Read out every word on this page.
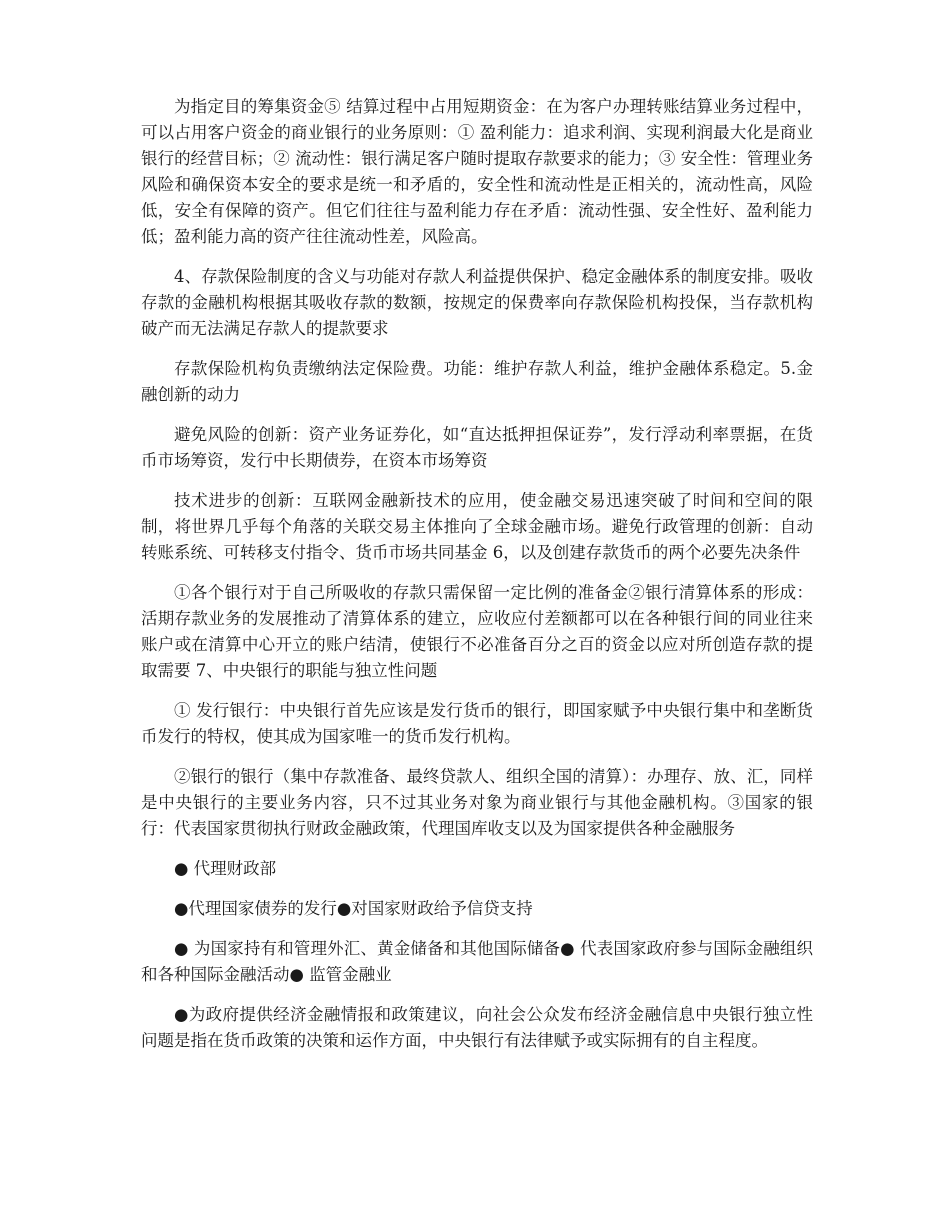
为指定目的筹集资金⑤ 结算过程中占用短期资金：在为客户办理转账结算业务过程中，可以占用客户资金的商业银行的业务原则：① 盈利能力：追求利润、实现利润最大化是商业银行的经营目标；② 流动性：银行满足客户随时提取存款要求的能力；③ 安全性：管理业务风险和确保资本安全的要求是统一和矛盾的，安全性和流动性是正相关的，流动性高，风险低，安全有保障的资产。但它们往往与盈利能力存在矛盾：流动性强、安全性好、盈利能力低；盈利能力高的资产往往流动性差，风险高。

4、存款保险制度的含义与功能对存款人利益提供保护、稳定金融体系的制度安排。吸收存款的金融机构根据其吸收存款的数额，按规定的保费率向存款保险机构投保，当存款机构破产而无法满足存款人的提款要求

存款保险机构负责缴纳法定保险费。功能：维护存款人利益，维护金融体系稳定。5.金融创新的动力

避免风险的创新：资产业务证券化，如“直达抵押担保证券”，发行浮动利率票据，在货币市场筹资，发行中长期债券，在资本市场筹资

技术进步的创新：互联网金融新技术的应用，使金融交易迅速突破了时间和空间的限制，将世界几乎每个角落的关联交易主体推向了全球金融市场。避免行政管理的创新：自动转账系统、可转移支付指令、货币市场共同基金 6，以及创建存款货币的两个必要先决条件

①各个银行对于自己所吸收的存款只需保留一定比例的准备金②银行清算体系的形成：活期存款业务的发展推动了清算体系的建立，应收应付差额都可以在各种银行间的同业往来账户或在清算中心开立的账户结清，使银行不必准备百分之百的资金以应对所创造存款的提取需要 7、中央银行的职能与独立性问题

① 发行银行：中央银行首先应该是发行货币的银行，即国家赋予中央银行集中和垄断货币发行的特权，使其成为国家唯一的货币发行机构。

②银行的银行（集中存款准备、最终贷款人、组织全国的清算）：办理存、放、汇，同样是中央银行的主要业务内容，只不过其业务对象为商业银行与其他金融机构。③国家的银行：代表国家贯彻执行财政金融政策，代理国库收支以及为国家提供各种金融服务

● 代理财政部

●代理国家债券的发行●对国家财政给予信贷支持

● 为国家持有和管理外汇、黄金储备和其他国际储备● 代表国家政府参与国际金融组织和各种国际金融活动● 监管金融业

●为政府提供经济金融情报和政策建议，向社会公众发布经济金融信息中央银行独立性问题是指在货币政策的决策和运作方面，中央银行有法律赋予或实际拥有的自主程度。
